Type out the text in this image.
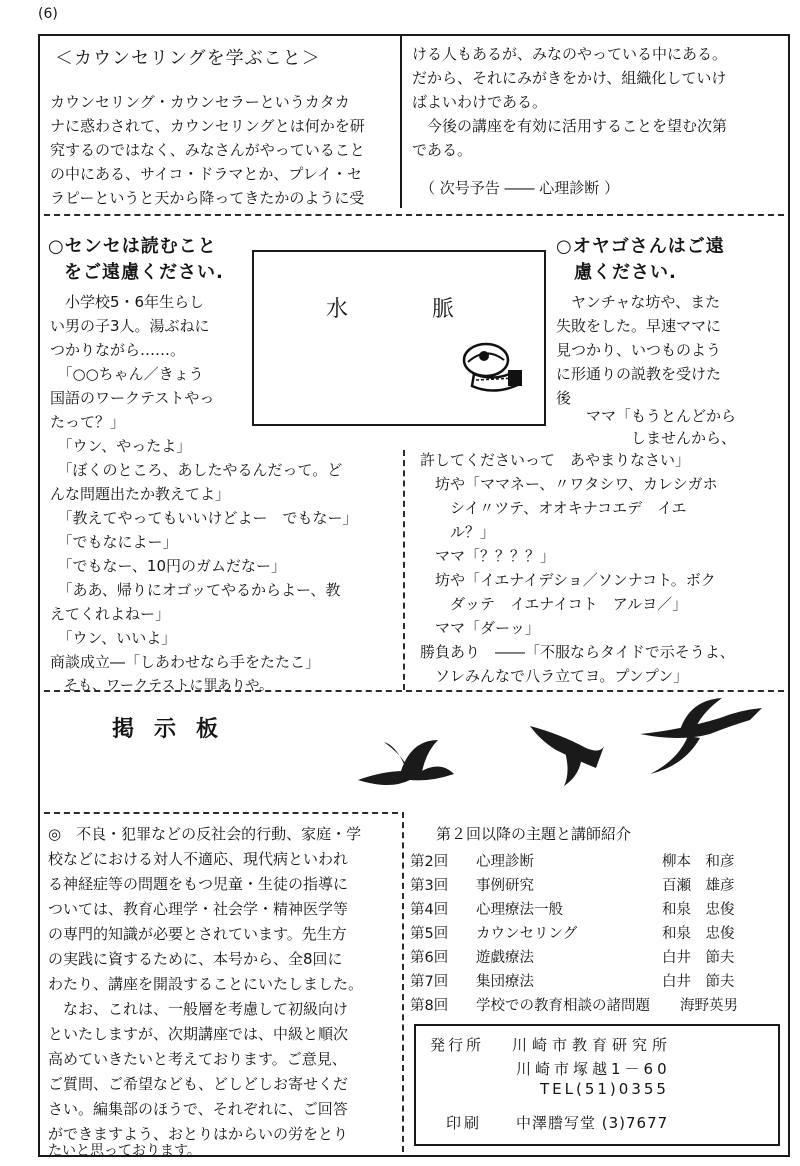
(6)
＜カウンセリングを学ぶこと＞
カウンセリング・カウンセラーというカタカ
ナに惑わされて、カウンセリングとは何かを研
究するのではなく、みなさんがやっていること
の中にある、サイコ・ドラマとか、プレイ・セ
ラピーというと天から降ってきたかのように受
ける人もあるが、みなのやっている中にある。
だから、それにみがきをかけ、組織化していけ
ばよいわけである。
　今後の講座を有効に活用することを望む次第
である。
（ 次号予告 ―― 心理診断 ）
○センセは読むこと
をご遠慮ください.
　小学校5・6年生らし
い男の子3人。湯ぶねに
つかりながら……。
　「○○ちゃん／きょう
国語のワークテストやっ
たって？」
　「ウン、やったよ」
　「ぼくのところ、あしたやるんだって。ど
んな問題出たか教えてよ」
　「教えてやってもいいけどよー　でもなー」
　「でもなによー」
　「でもなー、10円のガムだなー」
　「ああ、帰りにオゴッてやるからよー、教
えてくれよねー」
　「ウン、いいよ」
商談成立―「しあわせなら手をたたこ」
　そも、ワークテストに罪ありや。
水	脈
○オヤゴさんはご遠
慮ください.
　ヤンチャな坊や、また
失敗をした。早速ママに
見つかり、いつものよう
に形通りの説教を受けた
後
　　ママ「もうとんどから
　　　　　しませんから、
許してくださいって　あやまりなさい」
　坊や「ママネー、〃ワタシワ、カレシガホ
　　シイ〃ツテ、オオキナコエデ　イエ
　　ル？」
　ママ「？？？？」
　坊や「イエナイデショ／ソンナコト。ボク
　　ダッテ　イエナイコト　アルヨ／」
　ママ「ダーッ」
勝負あり　――「不服ならタイドで示そうよ、
　ソレみんなで八ラ立てヨ。プンプン」
掲示板
◎　不良・犯罪などの反社会的行動、家庭・学
校などにおける対人不適応、現代病といわれ
る神経症等の問題をもつ児童・生徒の指導に
ついては、教育心理学・社会学・精神医学等
の専門的知識が必要とされています。先生方
の実践に資するために、本号から、全8回に
わたり、講座を開設することにいたしました。
　なお、これは、一般層を考慮して初級向け
といたしますが、次期講座では、中級と順次
高めていきたいと考えております。ご意見、
ご質問、ご希望なども、どしどしお寄せくだ
さい。編集部のほうで、それぞれに、ご回答
ができますよう、おとりはからいの労をとり
たいと思っております。
第２回以降の主題と講師紹介
第2回 心理診断	柳本　和彦
第3回 事例研究	百瀬　雄彦
第4回 心理療法一般	和泉　忠俊
第5回 カウンセリング	和泉　忠俊
第6回 遊戯療法	白井　節夫
第7回 集団療法	白井　節夫
第8回 学校での教育相談の諸問題 海野英男
発行所 川崎市教育研究所
川崎市塚越1－60
TEL(51)0355
印刷 中澤謄写堂 (3)7677
